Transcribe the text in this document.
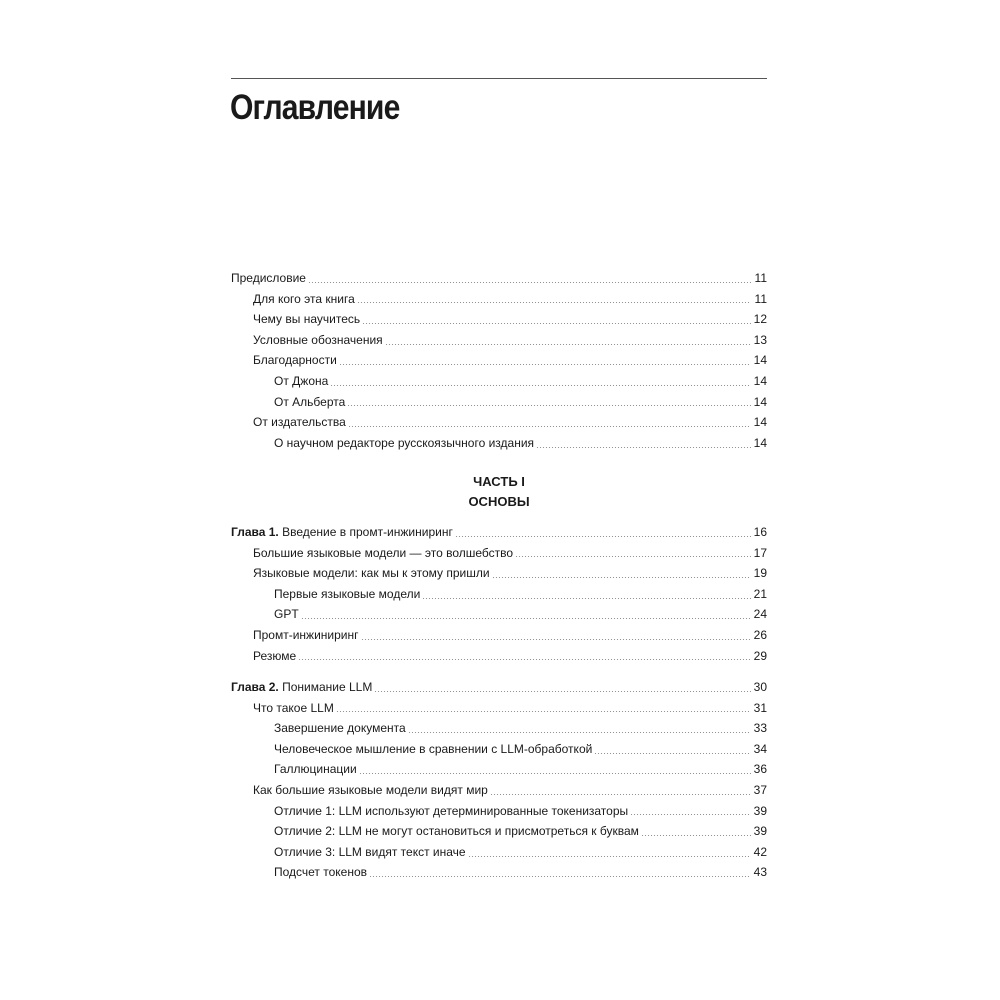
Оглавление
Предисловие	11
Для кого эта книга	11
Чему вы научитесь	12
Условные обозначения	13
Благодарности	14
От Джона	14
От Альберта	14
От издательства	14
О научном редакторе русскоязычного издания	14
ЧАСТЬ I
ОСНОВЫ
Глава 1. Введение в промт-инжиниринг	16
Большие языковые модели — это волшебство	17
Языковые модели: как мы к этому пришли	19
Первые языковые модели	21
GPT	24
Промт-инжиниринг	26
Резюме	29
Глава 2. Понимание LLM	30
Что такое LLM	31
Завершение документа	33
Человеческое мышление в сравнении с LLM-обработкой	34
Галлюцинации	36
Как большие языковые модели видят мир	37
Отличие 1: LLM используют детерминированные токенизаторы	39
Отличие 2: LLM не могут остановиться и присмотреться к буквам	39
Отличие 3: LLM видят текст иначе	42
Подсчет токенов	43
